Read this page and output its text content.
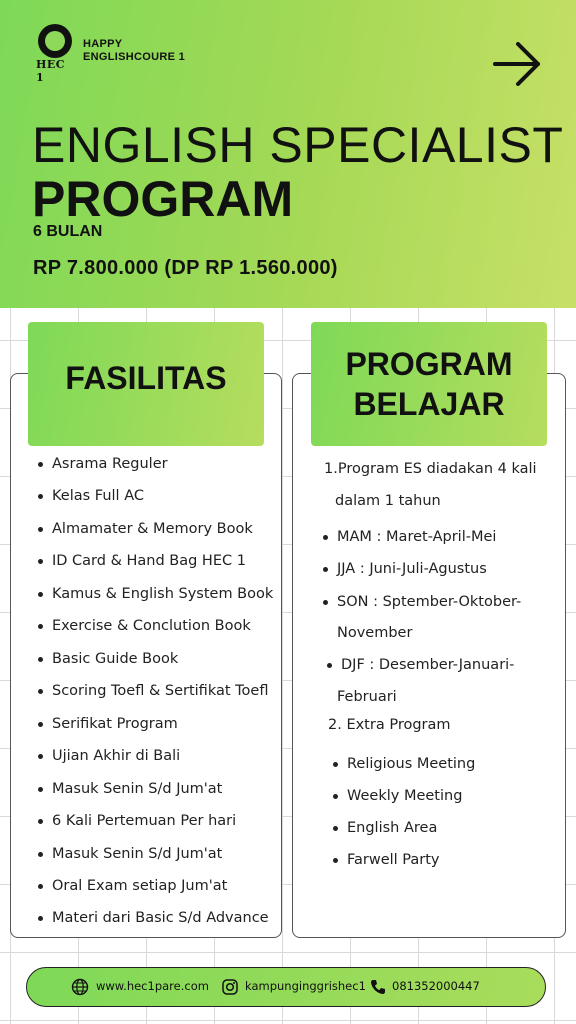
HEC 1
HAPPY
ENGLISHCOURE 1
ENGLISH SPECIALIST
PROGRAM
6 BULAN
RP 7.800.000 (DP RP 1.560.000)
FASILITAS
Asrama Reguler
Kelas Full AC
Almamater & Memory Book
ID Card & Hand Bag HEC 1
Kamus & English System Book
Exercise & Conclution Book
Basic Guide Book
Scoring Toefl & Sertifikat Toefl
Serifikat Program
Ujian Akhir di Bali
Masuk Senin S/d Jum'at
6 Kali Pertemuan Per hari
Masuk Senin S/d Jum'at
Oral Exam setiap Jum'at
Materi dari Basic S/d Advance
PROGRAM
BELAJAR
1.Program ES diadakan 4 kali
dalam 1 tahun
MAM : Maret-April-Mei
JJA : Juni-Juli-Agustus
SON : Sptember-Oktober-
November
DJF : Desember-Januari-
Februari
2. Extra Program
Religious Meeting
Weekly Meeting
English Area
Farwell Party
www.hec1pare.com	kampunginggrishec1 081352000447
